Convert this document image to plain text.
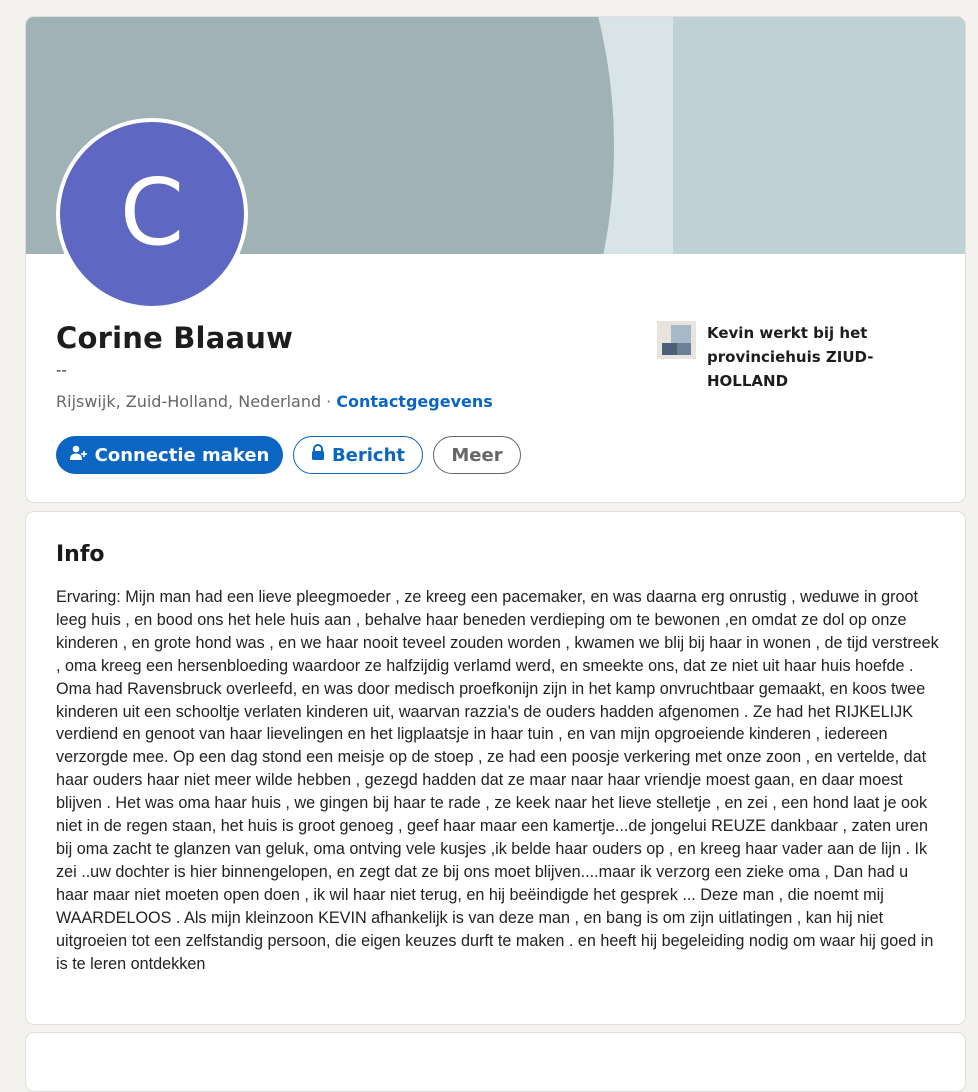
C
Corine Blaauw
--
Rijswijk, Zuid-Holland, Nederland · Contactgegevens
Connectie maken	Bericht	Meer
Kevin werkt bij het provinciehuis ZIUD-HOLLAND
Info

Ervaring: Mijn man had een lieve pleegmoeder , ze kreeg een pacemaker, en was daarna erg onrustig , weduwe in groot leeg huis , en bood ons het hele huis aan , behalve haar beneden verdieping om te bewonen ,en omdat ze dol op onze kinderen , en grote hond was , en we haar nooit teveel zouden worden , kwamen we blij bij haar in wonen , de tijd verstreek , oma kreeg een hersenbloeding waardoor ze halfzijdig verlamd werd, en smeekte ons, dat ze niet uit haar huis hoefde . Oma had Ravensbruck overleefd, en was door medisch proefkonijn zijn in het kamp onvruchtbaar gemaakt, en koos twee kinderen uit een schooltje verlaten kinderen uit, waarvan razzia's de ouders hadden afgenomen . Ze had het RIJKELIJK verdiend en genoot van haar lievelingen en het ligplaatsje in haar tuin , en van mijn opgroeiende kinderen , iedereen verzorgde mee. Op een dag stond een meisje op de stoep , ze had een poosje verkering met onze zoon , en vertelde, dat haar ouders haar niet meer wilde hebben , gezegd hadden dat ze maar naar haar vriendje moest gaan, en daar moest blijven . Het was oma haar huis , we gingen bij haar te rade , ze keek naar het lieve stelletje , en zei , een hond laat je ook niet in de regen staan, het huis is groot genoeg , geef haar maar een kamertje...de jongelui REUZE dankbaar , zaten uren bij oma zacht te glanzen van geluk, oma ontving vele kusjes ,ik belde haar ouders op , en kreeg haar vader aan de lijn . Ik zei ..uw dochter is hier binnengelopen, en zegt dat ze bij ons moet blijven....maar ik verzorg een zieke oma , Dan had u haar maar niet moeten open doen , ik wil haar niet terug, en hij beëindigde het gesprek ... Deze man , die noemt mij WAARDELOOS . Als mijn kleinzoon KEVIN afhankelijk is van deze man , en bang is om zijn uitlatingen , kan hij niet uitgroeien tot een zelfstandig persoon, die eigen keuzes durft te maken . en heeft hij begeleiding nodig om waar hij goed in is te leren ontdekken
